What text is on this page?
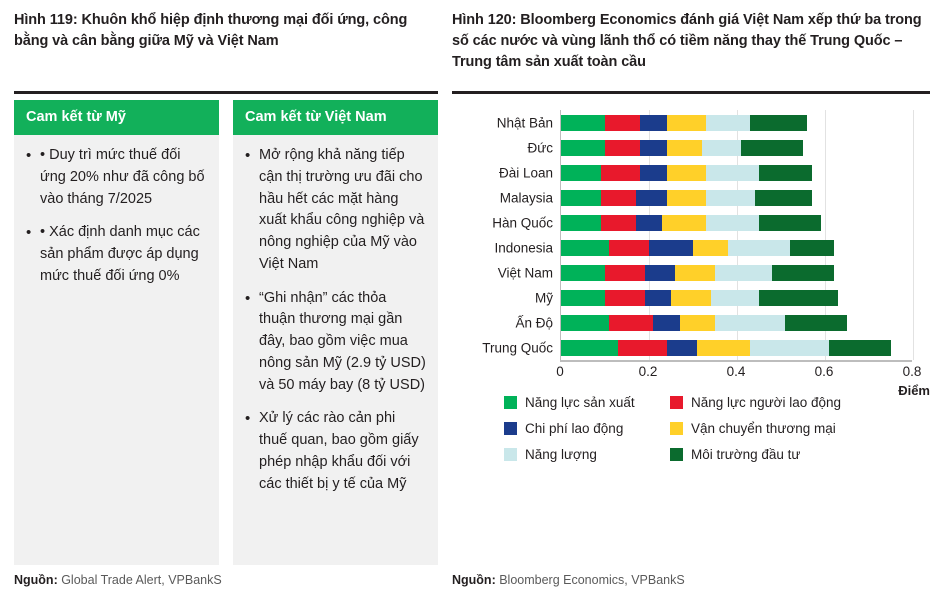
Hình 119: Khuôn khổ hiệp định thương mại đối ứng, công bằng và cân bằng giữa Mỹ và Việt Nam
Cam kết từ Mỹ
• • Duy trì mức thuế đối ứng 20% như đã công bố vào tháng 7/2025
• • Xác định danh mục các sản phẩm được áp dụng mức thuế đối ứng 0%
Cam kết từ Việt Nam
• Mở rộng khả năng tiếp cận thị trường ưu đãi cho hầu hết các mặt hàng xuất khẩu công nghiệp và nông nghiệp của Mỹ vào Việt Nam
• “Ghi nhận” các thỏa thuận thương mại gần đây, bao gồm việc mua nông sản Mỹ (2.9 tỷ USD) và 50 máy bay (8 tỷ USD)
• Xử lý các rào cản phi thuế quan, bao gồm giấy phép nhập khẩu đối với các thiết bị y tế của Mỹ
Nguồn: Global Trade Alert, VPBankS
Hình 120: Bloomberg Economics đánh giá Việt Nam xếp thứ ba trong số các nước và vùng lãnh thổ có tiềm năng thay thế Trung Quốc – Trung tâm sản xuất toàn cầu
Nhật Bản
Đức
Đài Loan
Malaysia
Hàn Quốc
Indonesia
Việt Nam
Mỹ
Ấn Độ
Trung Quốc
0	0.2	0.4	0.6	0.8
Điểm
Năng lực sản xuất	Năng lực người lao động
Chi phí lao động	Vận chuyển thương mại
Năng lượng	Môi trường đầu tư
Nguồn: Bloomberg Economics, VPBankS
